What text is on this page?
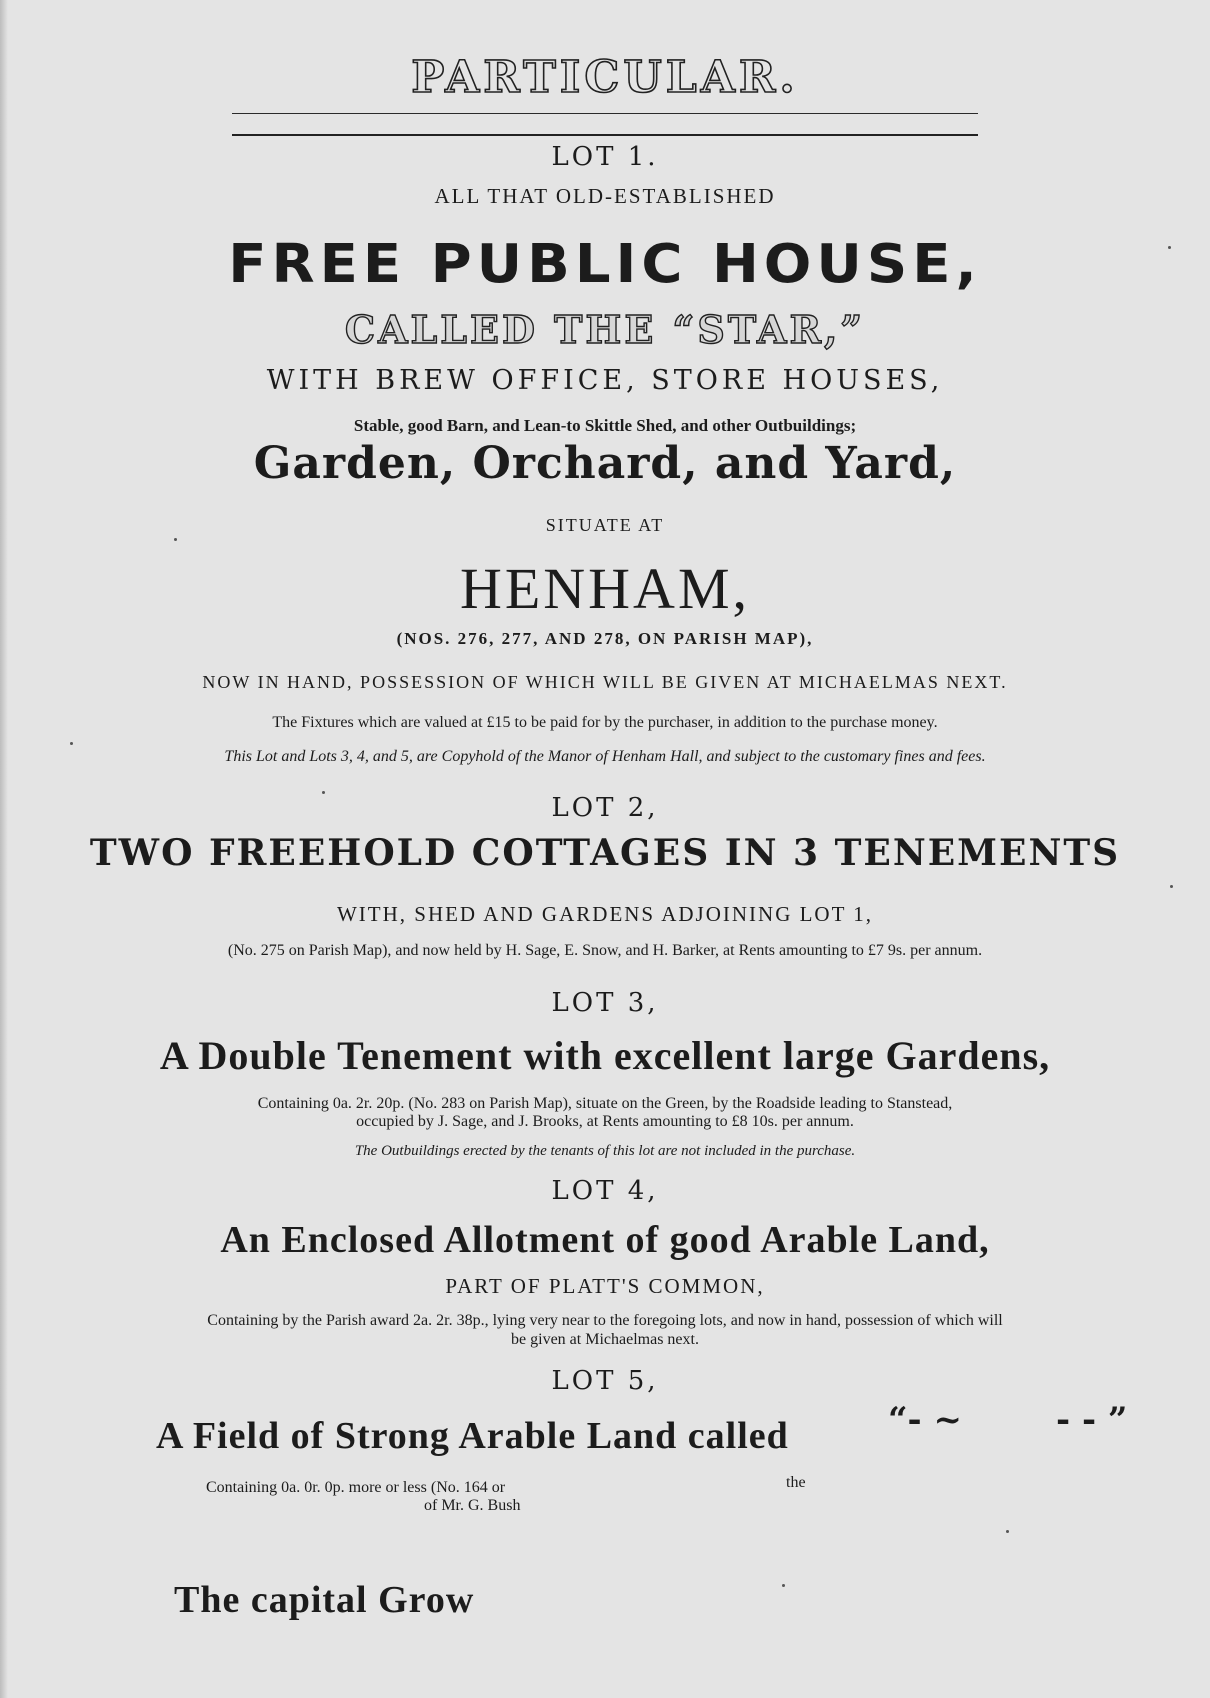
PARTICULAR.
LOT 1.
ALL THAT OLD-ESTABLISHED
FREE PUBLIC HOUSE,
CALLED THE “STAR,”
WITH BREW OFFICE, STORE HOUSES,
Stable, good Barn, and Lean-to Skittle Shed, and other Outbuildings;
Garden, Orchard, and Yard,
SITUATE AT
HENHAM,
(NOS. 276, 277, AND 278, ON PARISH MAP),
NOW IN HAND, POSSESSION OF WHICH WILL BE GIVEN AT MICHAELMAS NEXT.
The Fixtures which are valued at £15 to be paid for by the purchaser, in addition to the purchase money.
This Lot and Lots 3, 4, and 5, are Copyhold of the Manor of Henham Hall, and subject to the customary fines and fees.
LOT 2,
TWO FREEHOLD COTTAGES IN 3 TENEMENTS
WITH, SHED AND GARDENS ADJOINING LOT 1,
(No. 275 on Parish Map), and now held by H. Sage, E. Snow, and H. Barker, at Rents amounting to £7 9s. per annum.
LOT 3,
A Double Tenement with excellent large Gardens,
Containing 0a. 2r. 20p. (No. 283 on Parish Map), situate on the Green, by the Roadside leading to Stanstead,
occupied by J. Sage, and J. Brooks, at Rents amounting to £8 10s. per annum.
The Outbuildings erected by the tenants of this lot are not included in the purchase.
LOT 4,
An Enclosed Allotment of good Arable Land,
PART OF PLATT'S COMMON,
Containing by the Parish award 2a. 2r. 38p., lying very near to the foregoing lots, and now in hand, possession of which will
be given at Michaelmas next.
LOT 5,
A Field of Strong Arable Land called	“- ~	- - ”
Containing 0a. 0r. 0p. more or less (No. 164 or
of Mr. G. Bush
the
The capital Grow
